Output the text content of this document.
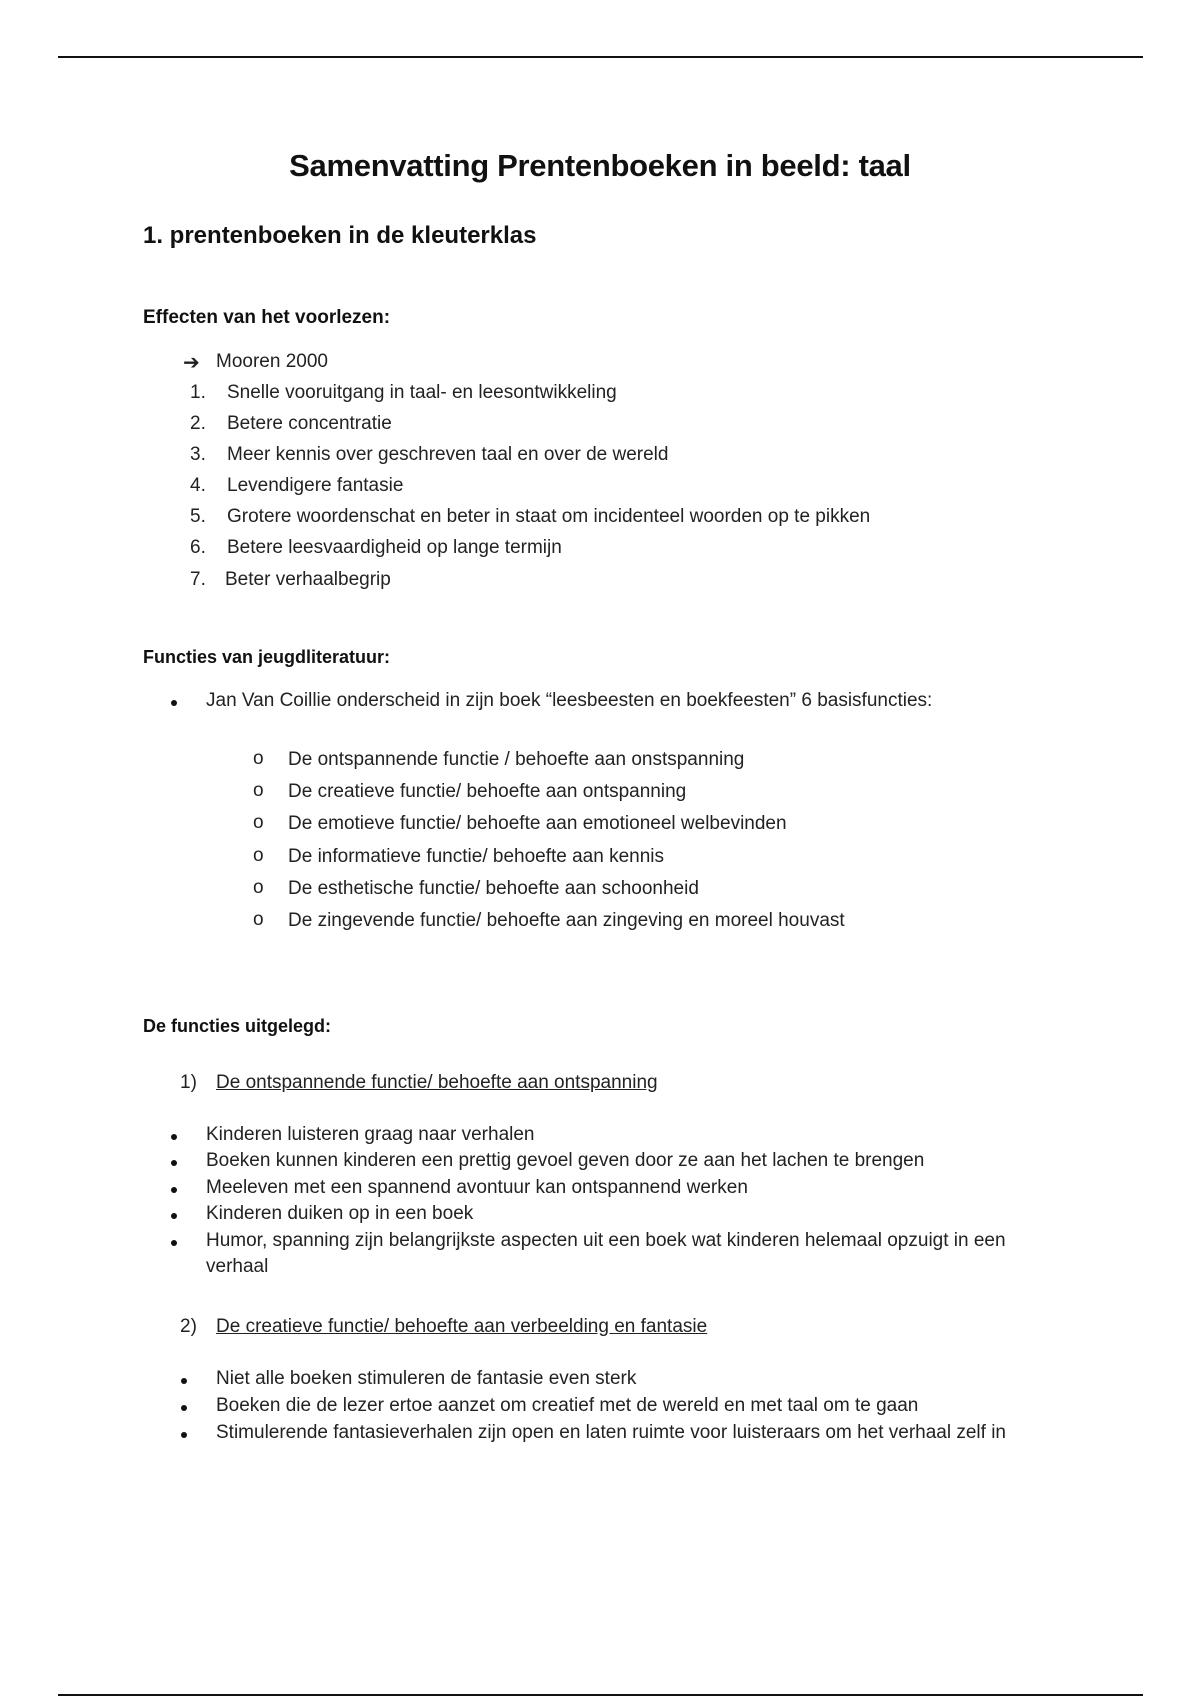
Samenvatting Prentenboeken in beeld: taal
1. prentenboeken in de kleuterklas
Effecten van het voorlezen:
➔ Mooren 2000
1. Snelle vooruitgang in taal- en leesontwikkeling
2. Betere concentratie
3. Meer kennis over geschreven taal en over de wereld
4. Levendigere fantasie
5. Grotere woordenschat en beter in staat om incidenteel woorden op te pikken
6. Betere leesvaardigheid op lange termijn
7. Beter verhaalbegrip
Functies van jeugdliteratuur:
Jan Van Coillie onderscheid in zijn boek “leesbeesten en boekfeesten” 6 basisfuncties:
o De ontspannende functie / behoefte aan onstspanning
o De creatieve functie/ behoefte aan ontspanning
o De emotieve functie/ behoefte aan emotioneel welbevinden
o De informatieve functie/ behoefte aan kennis
o De esthetische functie/ behoefte aan schoonheid
o De zingevende functie/ behoefte aan zingeving en moreel houvast
De functies uitgelegd:
1) De ontspannende functie/ behoefte aan ontspanning
Kinderen luisteren graag naar verhalen
Boeken kunnen kinderen een prettig gevoel geven door ze aan het lachen te brengen
Meeleven met een spannend avontuur kan ontspannend werken
Kinderen duiken op in een boek
Humor, spanning zijn belangrijkste aspecten uit een boek wat kinderen helemaal opzuigt in een
verhaal
2) De creatieve functie/ behoefte aan verbeelding en fantasie
Niet alle boeken stimuleren de fantasie even sterk
Boeken die de lezer ertoe aanzet om creatief met de wereld en met taal om te gaan
Stimulerende fantasieverhalen zijn open en laten ruimte voor luisteraars om het verhaal zelf in
